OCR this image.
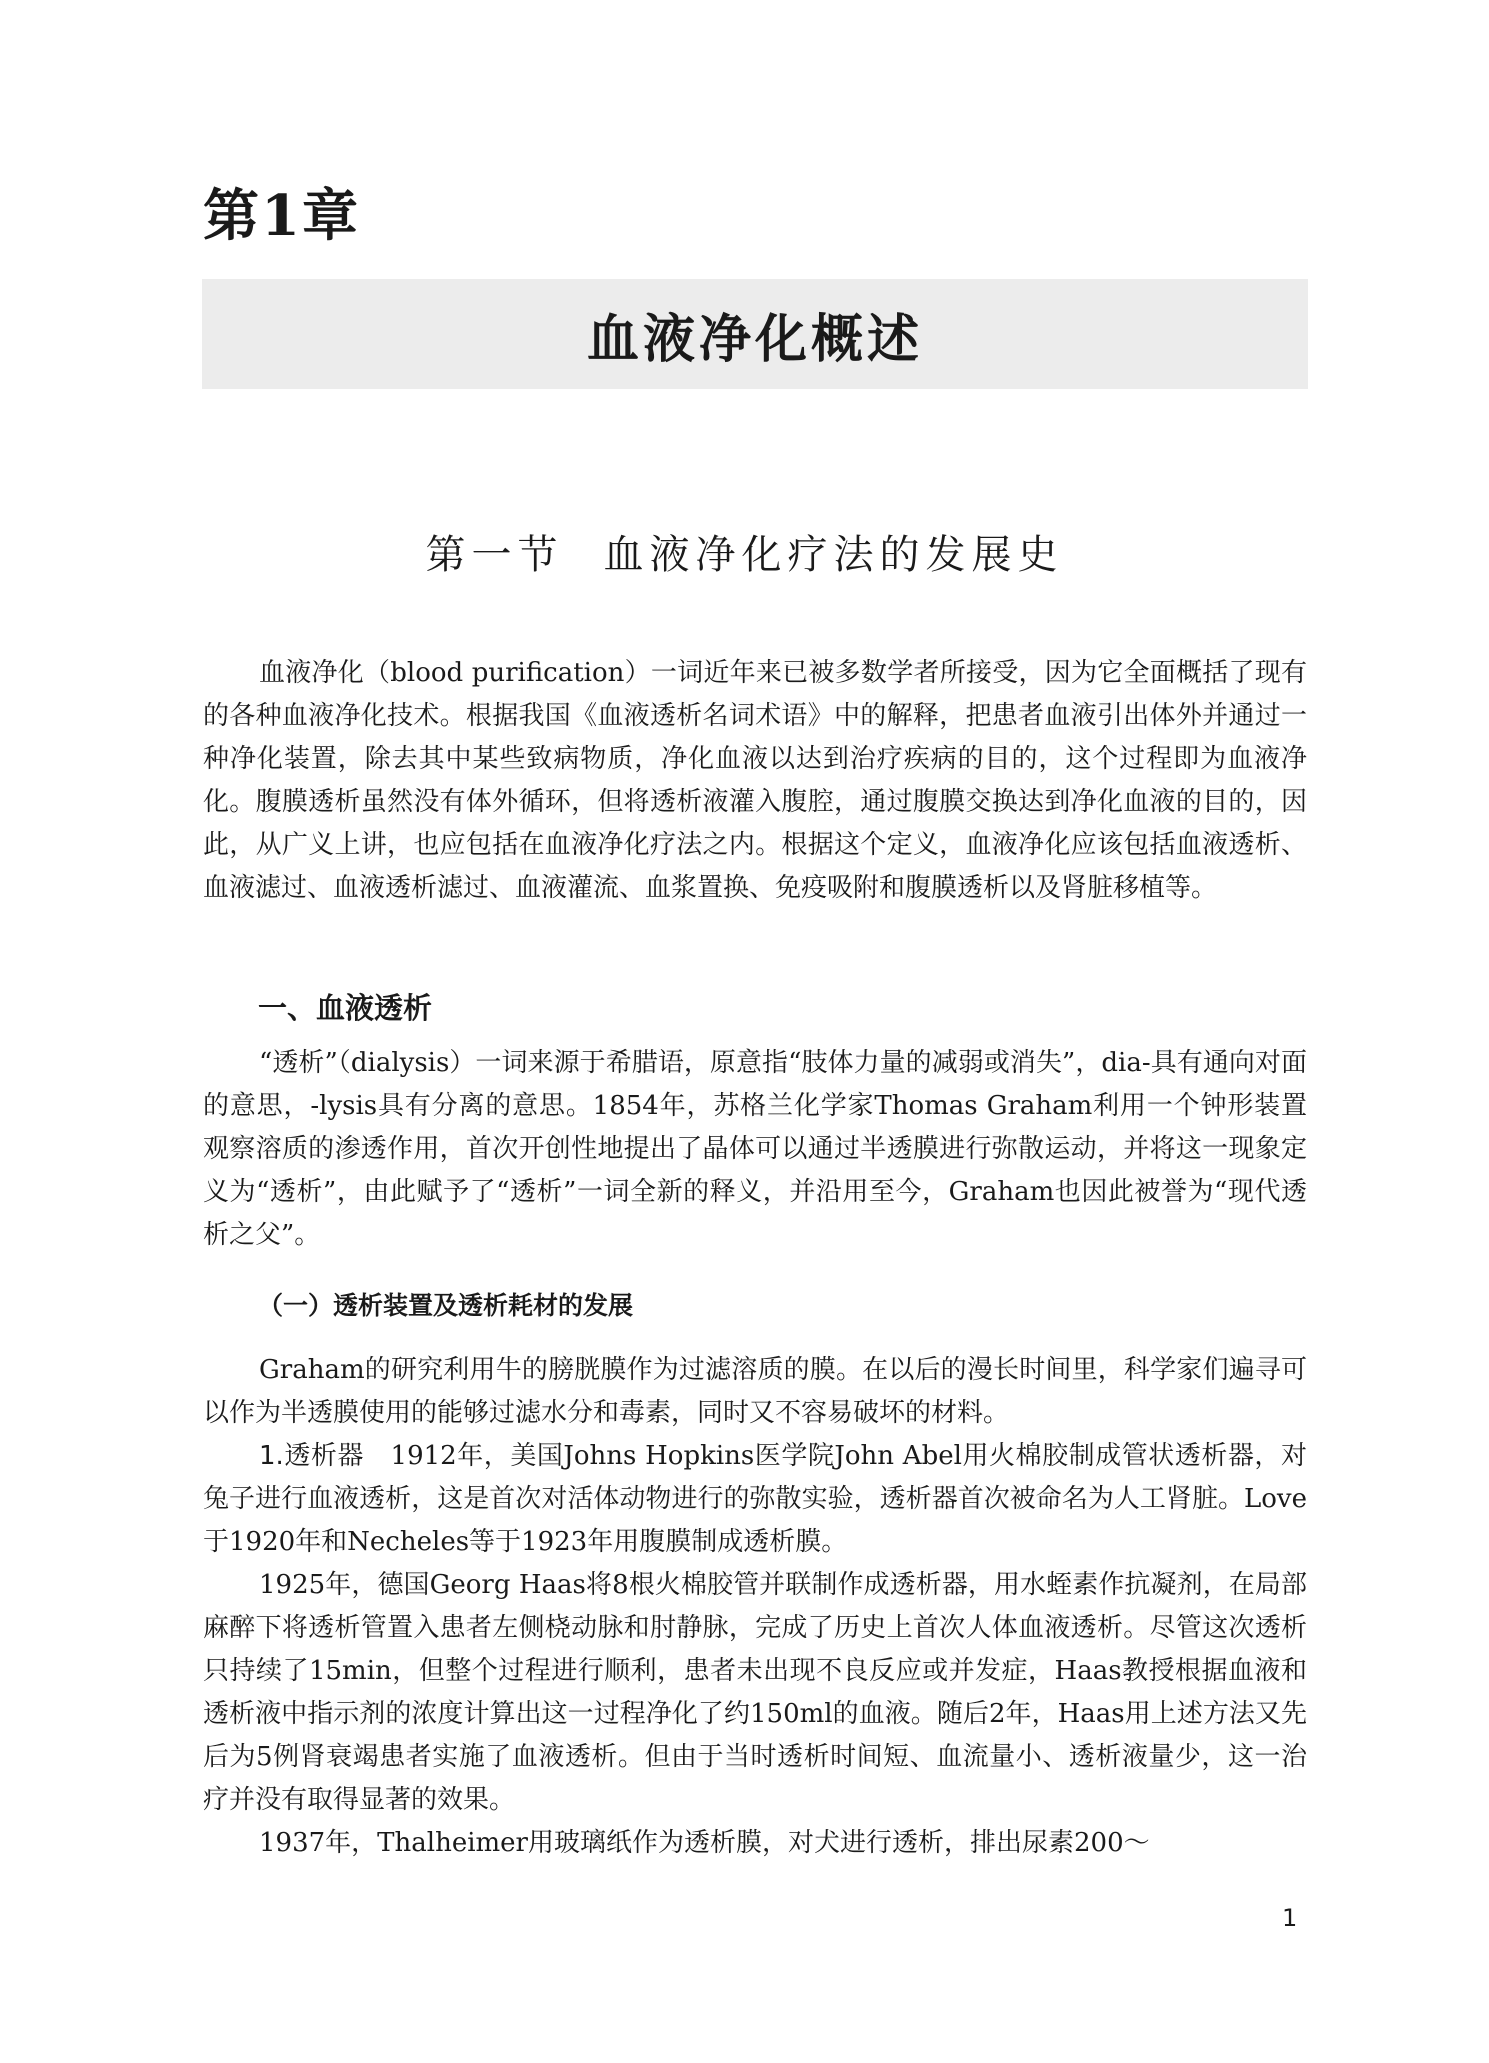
第1章
血液净化概述
第一节 血液净化疗法的发展史

血液净化（blood purification）一词近年来已被多数学者所接受，因为它全面概括了现有的各种血液净化技术。根据我国《血液透析名词术语》中的解释，把患者血液引出体外并通过一种净化装置，除去其中某些致病物质，净化血液以达到治疗疾病的目的，这个过程即为血液净化。腹膜透析虽然没有体外循环，但将透析液灌入腹腔，通过腹膜交换达到净化血液的目的，因此，从广义上讲，也应包括在血液净化疗法之内。根据这个定义，血液净化应该包括血液透析、血液滤过、血液透析滤过、血液灌流、血浆置换、免疫吸附和腹膜透析以及肾脏移植等。

一、血液透析

“透析”（dialysis）一词来源于希腊语，原意指“肢体力量的减弱或消失”，dia-具有通向对面的意思，-lysis具有分离的意思。1854年，苏格兰化学家Thomas Graham利用一个钟形装置观察溶质的渗透作用，首次开创性地提出了晶体可以通过半透膜进行弥散运动，并将这一现象定义为“透析”，由此赋予了“透析”一词全新的释义，并沿用至今，Graham也因此被誉为“现代透析之父”。

（一）透析装置及透析耗材的发展

Graham的研究利用牛的膀胱膜作为过滤溶质的膜。在以后的漫长时间里，科学家们遍寻可以作为半透膜使用的能够过滤水分和毒素，同时又不容易破坏的材料。

1.透析器　 1912年，美国Johns Hopkins医学院John Abel用火棉胶制成管状透析器，对兔子进行血液透析，这是首次对活体动物进行的弥散实验，透析器首次被命名为人工肾脏。Love于1920年和Necheles等于1923年用腹膜制成透析膜。

1925年，德国Georg Haas将8根火棉胶管并联制作成透析器，用水蛭素作抗凝剂，在局部麻醉下将透析管置入患者左侧桡动脉和肘静脉，完成了历史上首次人体血液透析。尽管这次透析只持续了15min，但整个过程进行顺利，患者未出现不良反应或并发症，Haas教授根据血液和透析液中指示剂的浓度计算出这一过程净化了约150ml的血液。随后2年，Haas用上述方法又先后为5例肾衰竭患者实施了血液透析。但由于当时透析时间短、血流量小、透析液量少，这一治疗并没有取得显著的效果。

1937年，Thalheimer用玻璃纸作为透析膜，对犬进行透析，排出尿素200～

1
